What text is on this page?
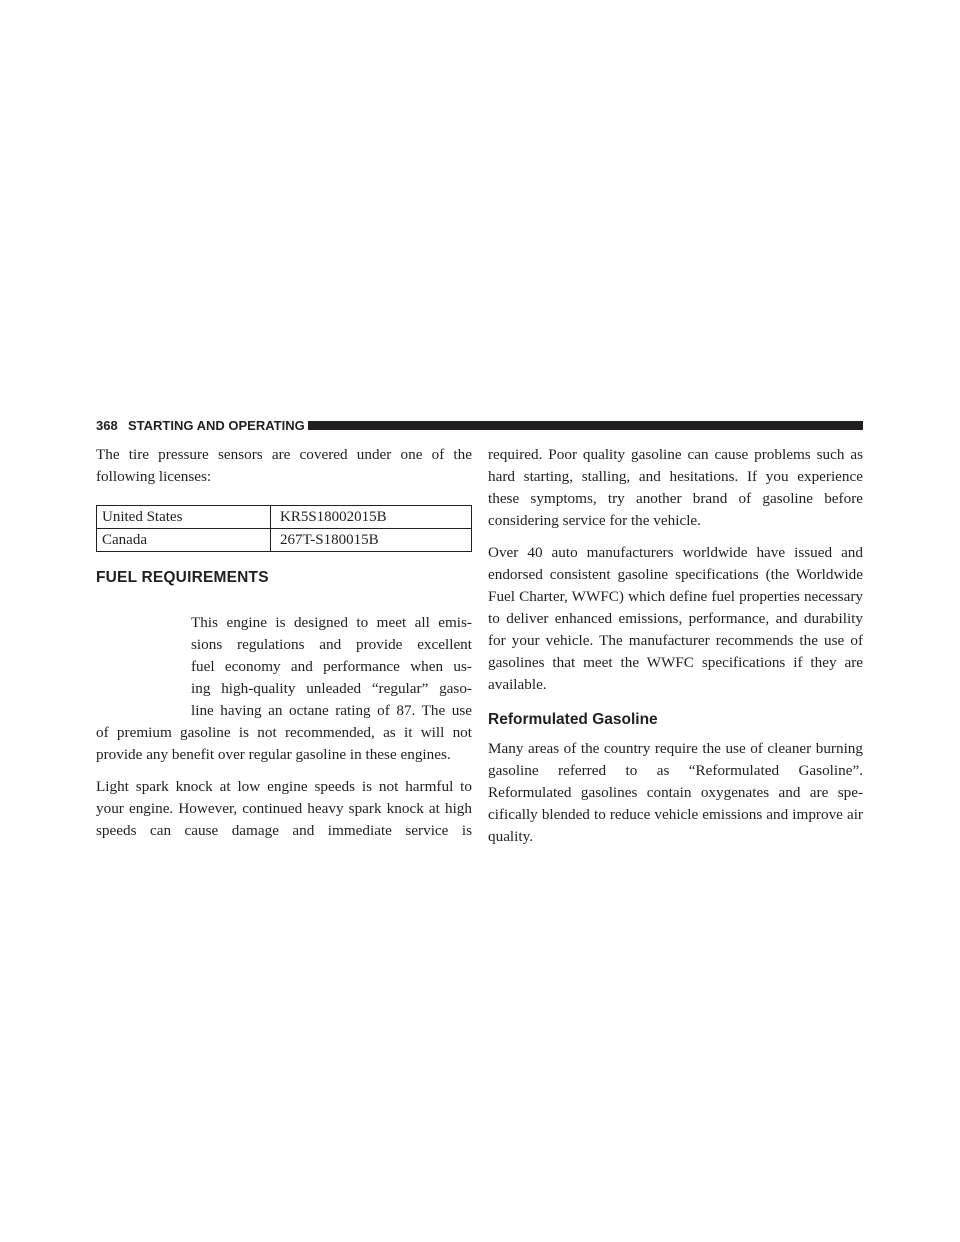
368 STARTING AND OPERATING

The tire pressure sensors are covered under one of the following licenses:

United States	KR5S18002015B
Canada	267T-S180015B
FUEL REQUIREMENTS
This engine is designed to meet all emis-
sions regulations and provide excellent
fuel economy and performance when us-
ing high-quality unleaded “regular” gaso-
line having an octane rating of 87. The use

of premium gasoline is not recommended, as it will not provide any benefit over regular gasoline in these engines.

Light spark knock at low engine speeds is not harmful to your engine. However, continued heavy spark knock at high speeds can cause damage and immediate service is

required. Poor quality gasoline can cause problems such as hard starting, stalling, and hesitations. If you experience these symptoms, try another brand of gasoline before considering service for the vehicle.

Over 40 auto manufacturers worldwide have issued and endorsed consistent gasoline specifications (the Worldwide Fuel Charter, WWFC) which define fuel properties necessary to deliver enhanced emissions, performance, and durability for your vehicle. The manufacturer recommends the use of gasolines that meet the WWFC specifications if they are available.

Reformulated Gasoline

Many areas of the country require the use of cleaner burning gasoline referred to as “Reformulated Gasoline”. Reformulated gasolines contain oxygenates and are specifically blended to reduce vehicle emissions and improve air quality.
